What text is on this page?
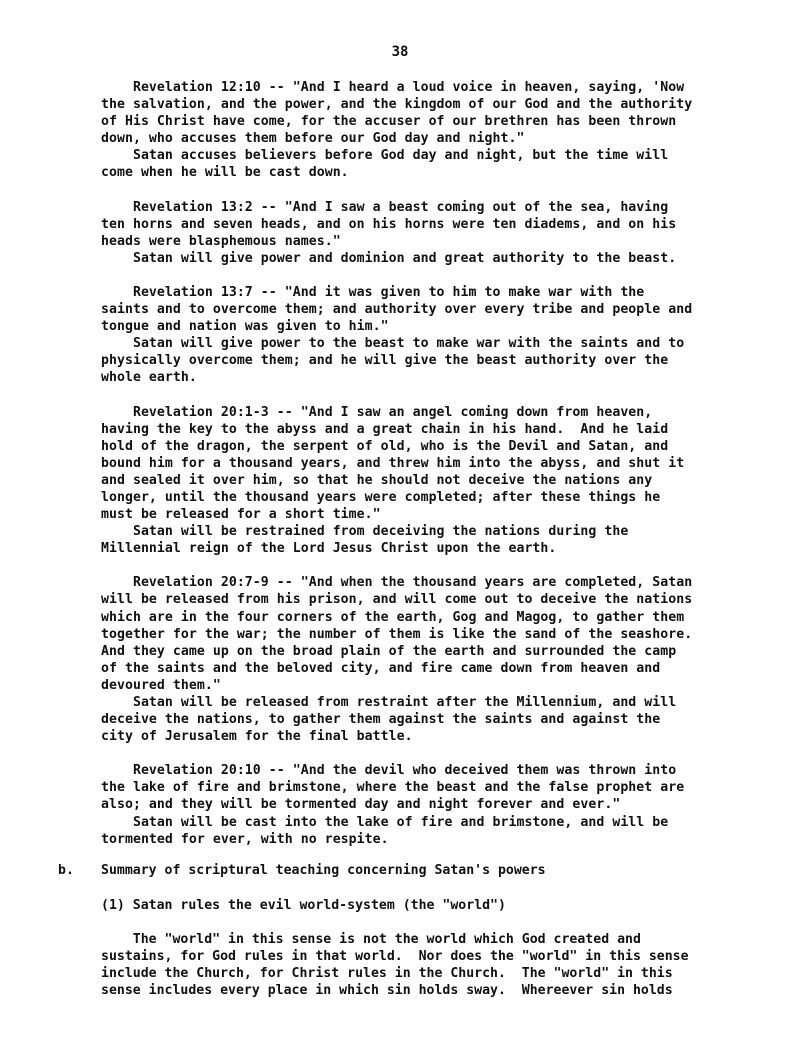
38
Revelation 12:10 -- "And I heard a loud voice in heaven, saying, 'Now
the salvation, and the power, and the kingdom of our God and the authority
of His Christ have come, for the accuser of our brethren has been thrown
down, who accuses them before our God day and night."
Satan accuses believers before God day and night, but the time will
come when he will be cast down.
Revelation 13:2 -- "And I saw a beast coming out of the sea, having
ten horns and seven heads, and on his horns were ten diadems, and on his
heads were blasphemous names."
Satan will give power and dominion and great authority to the beast.
Revelation 13:7 -- "And it was given to him to make war with the
saints and to overcome them; and authority over every tribe and people and
tongue and nation was given to him."
Satan will give power to the beast to make war with the saints and to
physically overcome them; and he will give the beast authority over the
whole earth.
Revelation 20:1-3 -- "And I saw an angel coming down from heaven,
having the key to the abyss and a great chain in his hand.  And he laid
hold of the dragon, the serpent of old, who is the Devil and Satan, and
bound him for a thousand years, and threw him into the abyss, and shut it
and sealed it over him, so that he should not deceive the nations any
longer, until the thousand years were completed; after these things he
must be released for a short time."
Satan will be restrained from deceiving the nations during the
Millennial reign of the Lord Jesus Christ upon the earth.
Revelation 20:7-9 -- "And when the thousand years are completed, Satan
will be released from his prison, and will come out to deceive the nations
which are in the four corners of the earth, Gog and Magog, to gather them
together for the war; the number of them is like the sand of the seashore.
And they came up on the broad plain of the earth and surrounded the camp
of the saints and the beloved city, and fire came down from heaven and
devoured them."
Satan will be released from restraint after the Millennium, and will
deceive the nations, to gather them against the saints and against the
city of Jerusalem for the final battle.
Revelation 20:10 -- "And the devil who deceived them was thrown into
the lake of fire and brimstone, where the beast and the false prophet are
also; and they will be tormented day and night forever and ever."
Satan will be cast into the lake of fire and brimstone, and will be
tormented for ever, with no respite.
b. Summary of scriptural teaching concerning Satan's powers
(1) Satan rules the evil world-system (the "world")
The "world" in this sense is not the world which God created and
sustains, for God rules in that world.  Nor does the "world" in this sense
include the Church, for Christ rules in the Church.  The "world" in this
sense includes every place in which sin holds sway.  Whereever sin holds
